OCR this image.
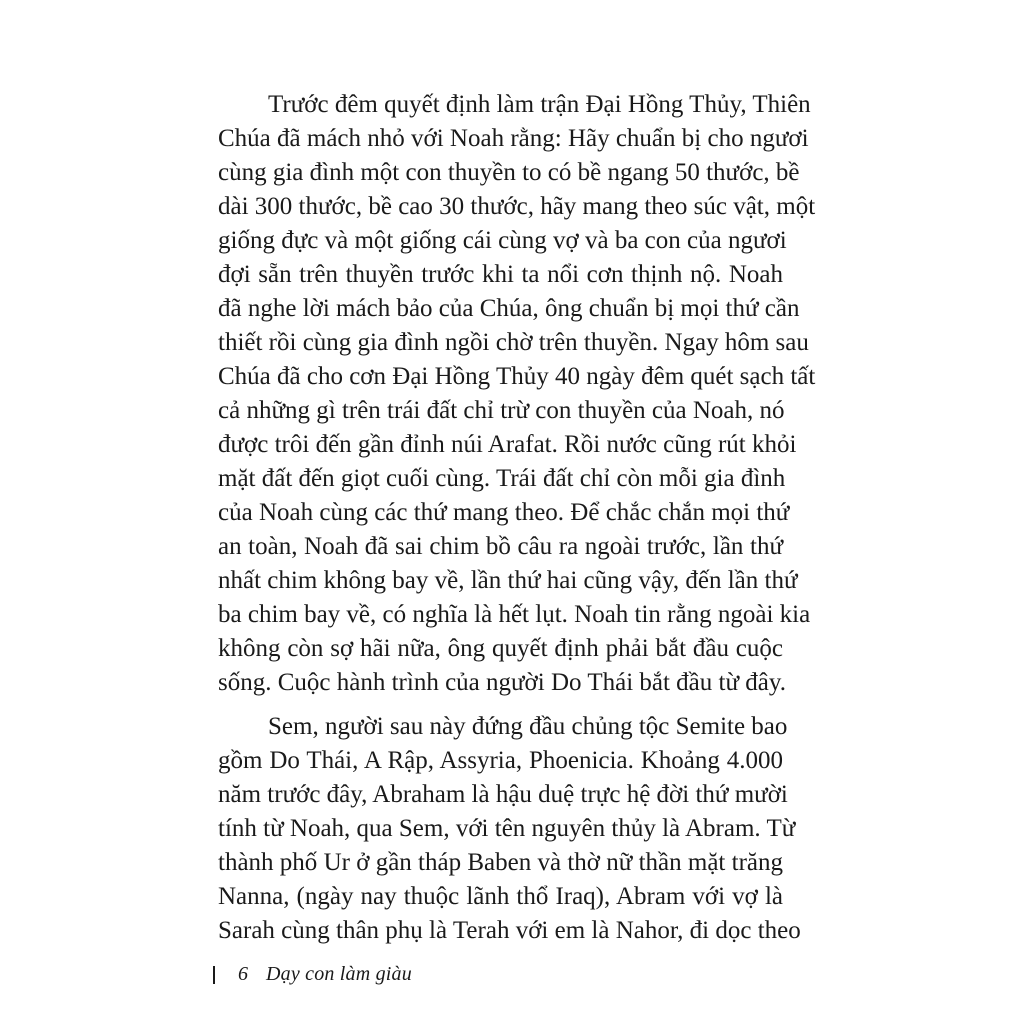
Trước đêm quyết định làm trận Đại Hồng Thủy, Thiên
Chúa đã mách nhỏ với Noah rằng: Hãy chuẩn bị cho ngươi
cùng gia đình một con thuyền to có bề ngang 50 thước, bề
dài 300 thước, bề cao 30 thước, hãy mang theo súc vật, một
giống đực và một giống cái cùng vợ và ba con của ngươi
đợi sẵn trên thuyền trước khi ta nổi cơn thịnh nộ. Noah
đã nghe lời mách bảo của Chúa, ông chuẩn bị mọi thứ cần
thiết rồi cùng gia đình ngồi chờ trên thuyền. Ngay hôm sau
Chúa đã cho cơn Đại Hồng Thủy 40 ngày đêm quét sạch tất
cả những gì trên trái đất chỉ trừ con thuyền của Noah, nó
được trôi đến gần đỉnh núi Arafat. Rồi nước cũng rút khỏi
mặt đất đến giọt cuối cùng. Trái đất chỉ còn mỗi gia đình
của Noah cùng các thứ mang theo. Để chắc chắn mọi thứ
an toàn, Noah đã sai chim bồ câu ra ngoài trước, lần thứ
nhất chim không bay về, lần thứ hai cũng vậy, đến lần thứ
ba chim bay về, có nghĩa là hết lụt. Noah tin rằng ngoài kia
không còn sợ hãi nữa, ông quyết định phải bắt đầu cuộc
sống. Cuộc hành trình của người Do Thái bắt đầu từ đây.
Sem, người sau này đứng đầu chủng tộc Semite bao
gồm Do Thái, A Rập, Assyria, Phoenicia. Khoảng 4.000
năm trước đây, Abraham là hậu duệ trực hệ đời thứ mười
tính từ Noah, qua Sem, với tên nguyên thủy là Abram. Từ
thành phố Ur ở gần tháp Baben và thờ nữ thần mặt trăng
Nanna, (ngày nay thuộc lãnh thổ Iraq), Abram với vợ là
Sarah cùng thân phụ là Terah với em là Nahor, đi dọc theo
6 Dạy con làm giàu
